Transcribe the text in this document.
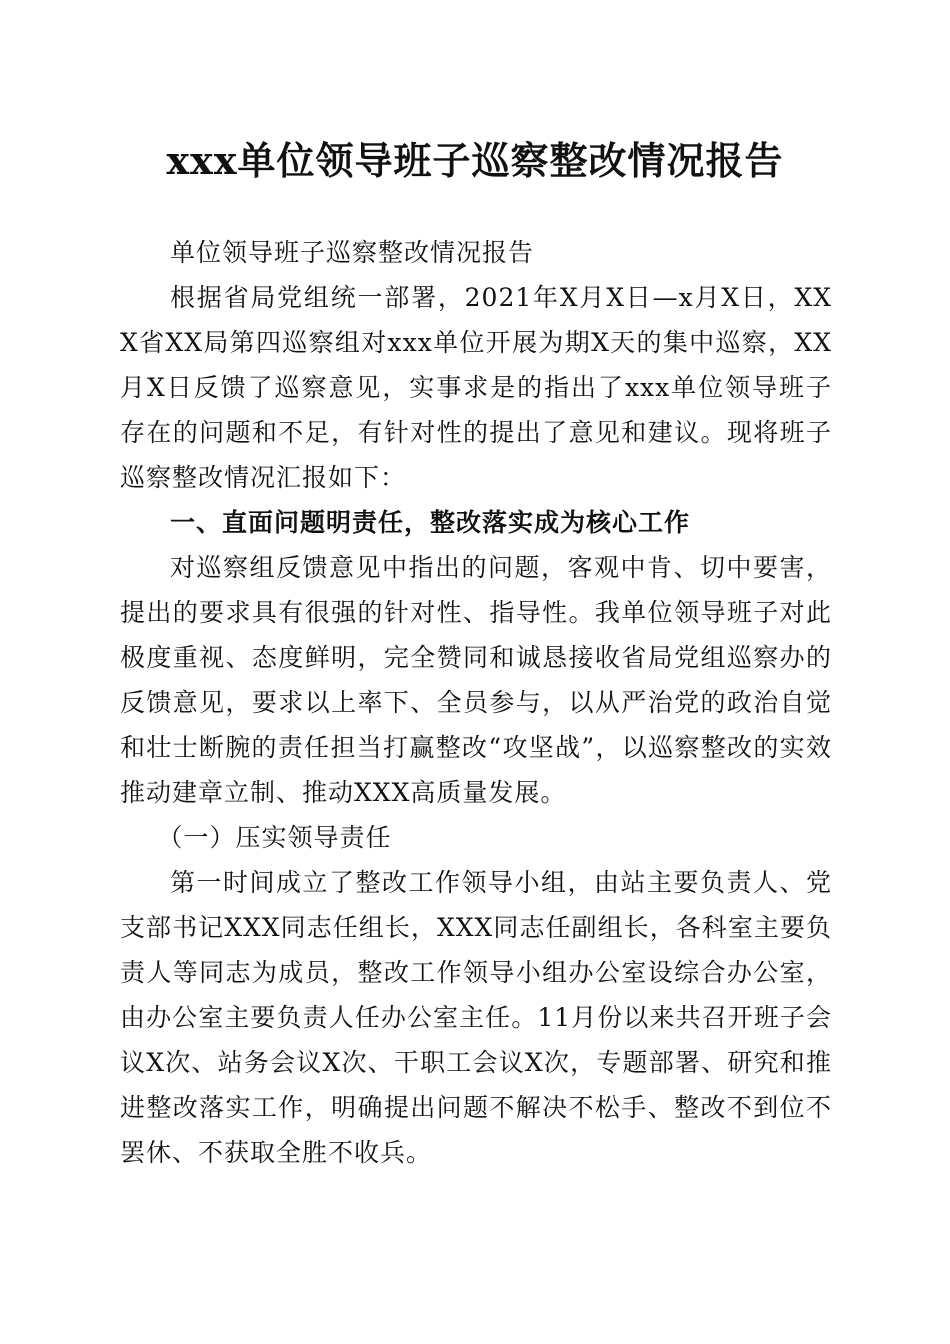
xxx单位领导班子巡察整改情况报告

单位领导班子巡察整改情况报告

根据省局党组统一部署，2021年X月X日—x月X日，XXX省XX局第四巡察组对xxx单位开展为期X天的集中巡察，XX月X日反馈了巡察意见，实事求是的指出了xxx单位领导班子存在的问题和不足，有针对性的提出了意见和建议。现将班子巡察整改情况汇报如下：

一、直面问题明责任，整改落实成为核心工作

对巡察组反馈意见中指出的问题，客观中肯、切中要害，提出的要求具有很强的针对性、指导性。我单位领导班子对此极度重视、态度鲜明，完全赞同和诚恳接收省局党组巡察办的反馈意见，要求以上率下、全员参与，以从严治党的政治自觉和壮士断腕的责任担当打赢整改“攻坚战”，以巡察整改的实效推动建章立制、推动XXX高质量发展。

（一）压实领导责任

第一时间成立了整改工作领导小组，由站主要负责人、党支部书记XXX同志任组长，XXX同志任副组长，各科室主要负责人等同志为成员，整改工作领导小组办公室设综合办公室，由办公室主要负责人任办公室主任。11月份以来共召开班子会议X次、站务会议X次、干职工会议X次，专题部署、研究和推进整改落实工作，明确提出问题不解决不松手、整改不到位不罢休、不获取全胜不收兵。
